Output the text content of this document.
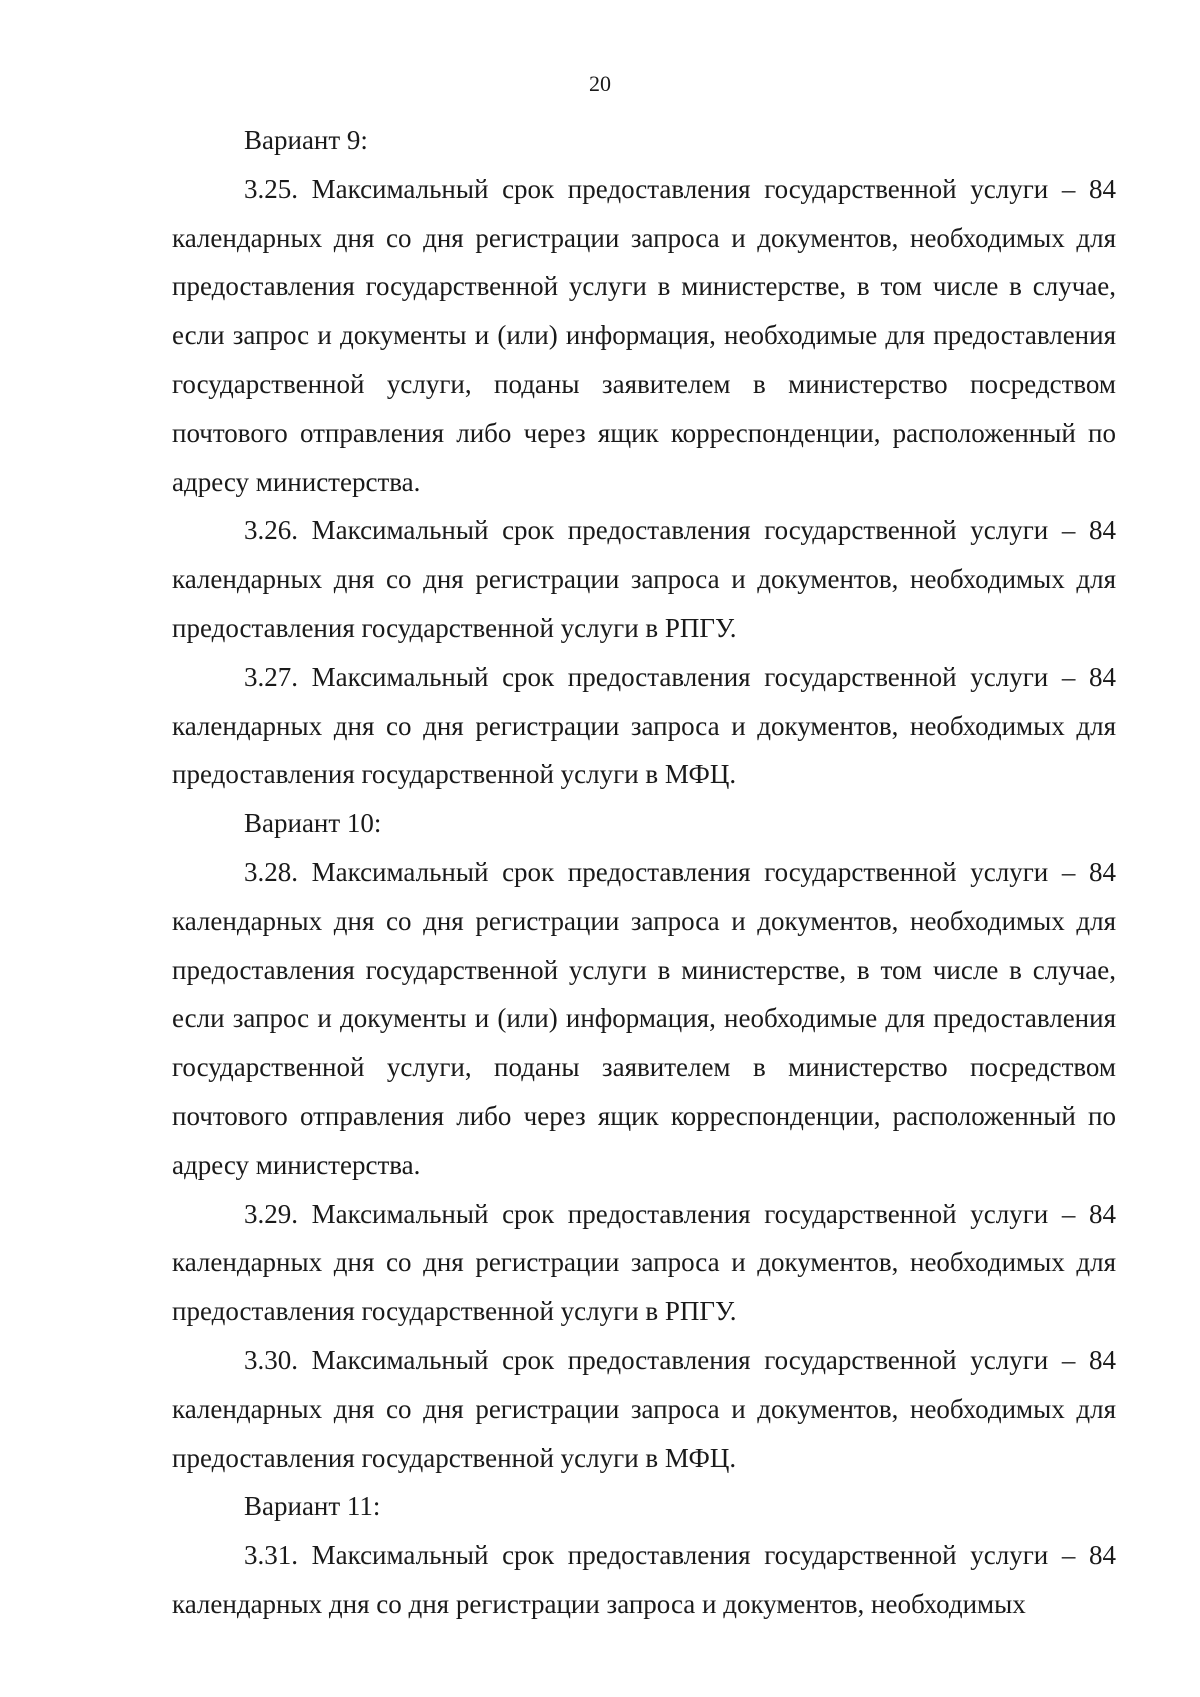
20

Вариант 9:

3.25. Максимальный срок предоставления государственной услуги – 84 календарных дня со дня регистрации запроса и документов, необходимых для предоставления государственной услуги в министерстве, в том числе в случае, если запрос и документы и (или) информация, необходимые для предоставления государственной услуги, поданы заявителем в министерство посредством почтового отправления либо через ящик корреспонденции, расположенный по адресу министерства.

3.26. Максимальный срок предоставления государственной услуги – 84 календарных дня со дня регистрации запроса и документов, необходимых для предоставления государственной услуги в РПГУ.

3.27. Максимальный срок предоставления государственной услуги – 84 календарных дня со дня регистрации запроса и документов, необходимых для предоставления государственной услуги в МФЦ.

Вариант 10:

3.28. Максимальный срок предоставления государственной услуги – 84 календарных дня со дня регистрации запроса и документов, необходимых для предоставления государственной услуги в министерстве, в том числе в случае, если запрос и документы и (или) информация, необходимые для предоставления государственной услуги, поданы заявителем в министерство посредством почтового отправления либо через ящик корреспонденции, расположенный по адресу министерства.

3.29. Максимальный срок предоставления государственной услуги – 84 календарных дня со дня регистрации запроса и документов, необходимых для предоставления государственной услуги в РПГУ.

3.30. Максимальный срок предоставления государственной услуги – 84 календарных дня со дня регистрации запроса и документов, необходимых для предоставления государственной услуги в МФЦ.

Вариант 11:

3.31. Максимальный срок предоставления государственной услуги – 84 календарных дня со дня регистрации запроса и документов, необходимых
